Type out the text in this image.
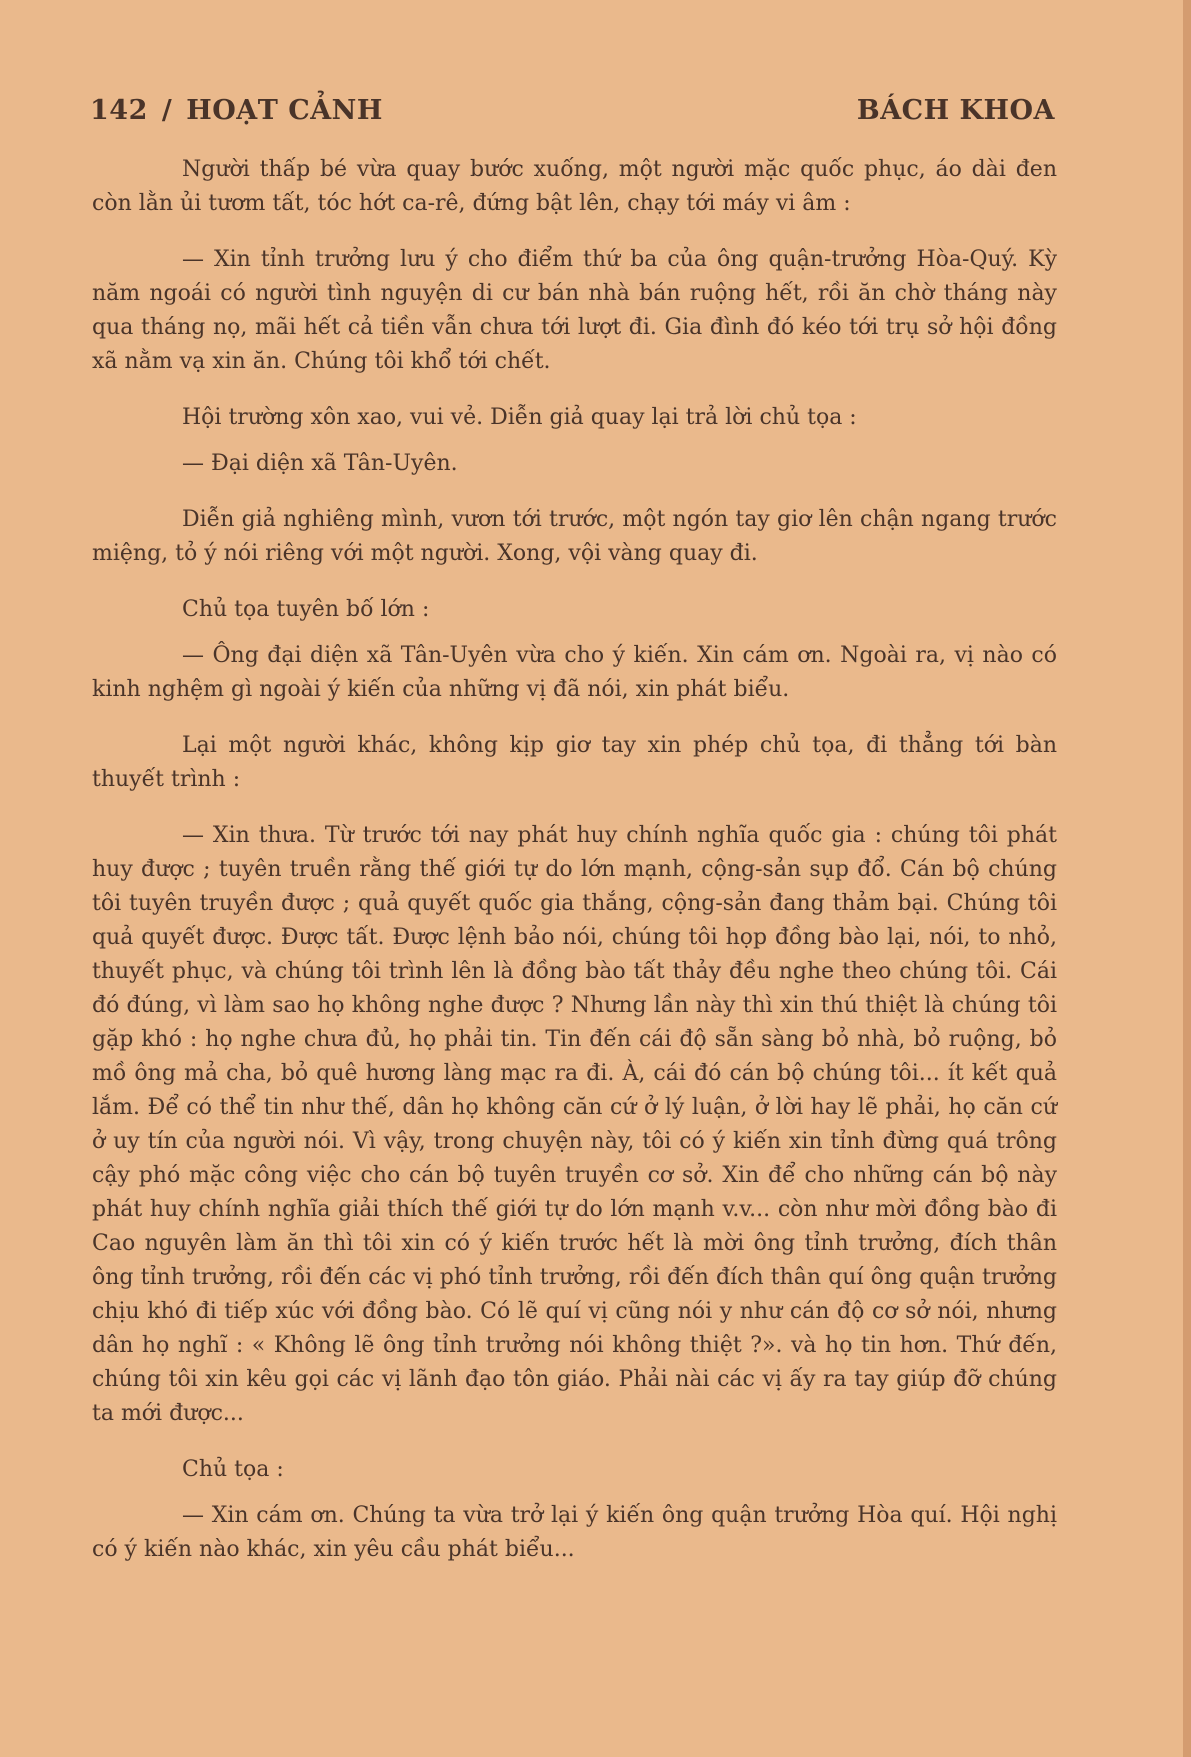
142 / HOẠT CẢNH	BÁCH KHOA

Người thấp bé vừa quay bước xuống, một người mặc quốc phục, áo dài đen còn lằn ủi tươm tất, tóc hớt ca-rê, đứng bật lên, chạy tới máy vi âm :

— Xin tỉnh trưởng lưu ý cho điểm thứ ba của ông quận-trưởng Hòa-Quý. Kỳ năm ngoái có người tình nguyện di cư bán nhà bán ruộng hết, rồi ăn chờ tháng này qua tháng nọ, mãi hết cả tiền vẫn chưa tới lượt đi. Gia đình đó kéo tới trụ sở hội đồng xã nằm vạ xin ăn. Chúng tôi khổ tới chết.

Hội trường xôn xao, vui vẻ. Diễn giả quay lại trả lời chủ tọa :

— Đại diện xã Tân-Uyên.

Diễn giả nghiêng mình, vươn tới trước, một ngón tay giơ lên chận ngang trước miệng, tỏ ý nói riêng với một người. Xong, vội vàng quay đi.

Chủ tọa tuyên bố lớn :

— Ông đại diện xã Tân-Uyên vừa cho ý kiến. Xin cám ơn. Ngoài ra, vị nào có kinh nghệm gì ngoài ý kiến của những vị đã nói, xin phát biểu.

Lại một người khác, không kịp giơ tay xin phép chủ tọa, đi thẳng tới bàn thuyết trình :

— Xin thưa. Từ trước tới nay phát huy chính nghĩa quốc gia : chúng tôi phát huy được ; tuyên truền rằng thế giới tự do lớn mạnh, cộng-sản sụp đổ. Cán bộ chúng tôi tuyên truyền được ; quả quyết quốc gia thắng, cộng-sản đang thảm bại. Chúng tôi quả quyết được. Được tất. Được lệnh bảo nói, chúng tôi họp đồng bào lại, nói, to nhỏ, thuyết phục, và chúng tôi trình lên là đồng bào tất thảy đều nghe theo chúng tôi. Cái đó đúng, vì làm sao họ không nghe được ? Nhưng lần này thì xin thú thiệt là chúng tôi gặp khó : họ nghe chưa đủ, họ phải tin. Tin đến cái độ sẵn sàng bỏ nhà, bỏ ruộng, bỏ mồ ông mả cha, bỏ quê hương làng mạc ra đi. À, cái đó cán bộ chúng tôi... ít kết quả lắm. Để có thể tin như thế, dân họ không căn cứ ở lý luận, ở lời hay lẽ phải, họ căn cứ ở uy tín của người nói. Vì vậy, trong chuyện này, tôi có ý kiến xin tỉnh đừng quá trông cậy phó mặc công việc cho cán bộ tuyên truyền cơ sở. Xin để cho những cán bộ này phát huy chính nghĩa giải thích thế giới tự do lớn mạnh v.v... còn như mời đồng bào đi Cao nguyên làm ăn thì tôi xin có ý kiến trước hết là mời ông tỉnh trưởng, đích thân ông tỉnh trưởng, rồi đến các vị phó tỉnh trưởng, rồi đến đích thân quí ông quận trưởng chịu khó đi tiếp xúc với đồng bào. Có lẽ quí vị cũng nói y như cán độ cơ sở nói, nhưng dân họ nghĩ : « Không lẽ ông tỉnh trưởng nói không thiệt ?». và họ tin hơn. Thứ đến, chúng tôi xin kêu gọi các vị lãnh đạo tôn giáo. Phải nài các vị ấy ra tay giúp đỡ chúng ta mới được...

Chủ tọa :

— Xin cám ơn. Chúng ta vừa trở lại ý kiến ông quận trưởng Hòa quí. Hội nghị có ý kiến nào khác, xin yêu cầu phát biểu...
